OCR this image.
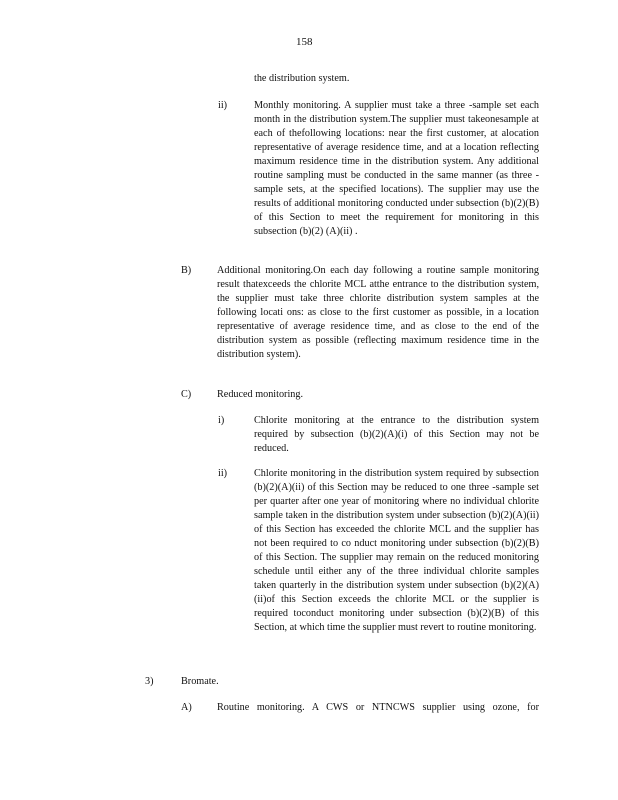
158
the distribution system.
ii)	Monthly monitoring. A supplier must take a three -sample set each month in the distribution system.The supplier must takeonesample at each of thefollowing locations: near the first customer, at alocation representative of average residence time, and at a location reflecting maximum residence time in the distribution system. Any additional routine sampling must be conducted in the same manner (as three -sample sets, at the specified locations). The supplier may use the results of additional monitoring conducted under subsection (b)(2)(B) of this Section to meet the requirement for monitoring in this subsection (b)(2) (A)(ii) .
B)	Additional monitoring.On each day following a routine sample monitoring result thatexceeds the chlorite MCL atthe entrance to the distribution system, the supplier must take three chlorite distribution system samples at the following locati ons: as close to the first customer as possible, in a location representative of average residence time, and as close to the end of the distribution system as possible (reflecting maximum residence time in the distribution system).
C)	Reduced monitoring.
i)	Chlorite monitoring at the entrance to the distribution system required by subsection (b)(2)(A)(i) of this Section may not be reduced.
ii)	Chlorite monitoring in the distribution system required by subsection (b)(2)(A)(ii) of this Section may be reduced to one three -sample set per quarter after one year of monitoring where no individual chlorite sample taken in the distribution system under subsection (b)(2)(A)(ii) of this Section has exceeded the chlorite MCL and the supplier has not been required to co nduct monitoring under subsection (b)(2)(B) of this Section. The supplier may remain on the reduced monitoring schedule until either any of the three individual chlorite samples taken quarterly in the distribution system under subsection (b)(2)(A)(ii)of this Section exceeds the chlorite MCL or the supplier is required toconduct monitoring under subsection (b)(2)(B) of this Section, at which time the supplier must revert to routine monitoring.
3)	Bromate.
A) Routine monitoring. A CWS or NTNCWS supplier using ozone, for
